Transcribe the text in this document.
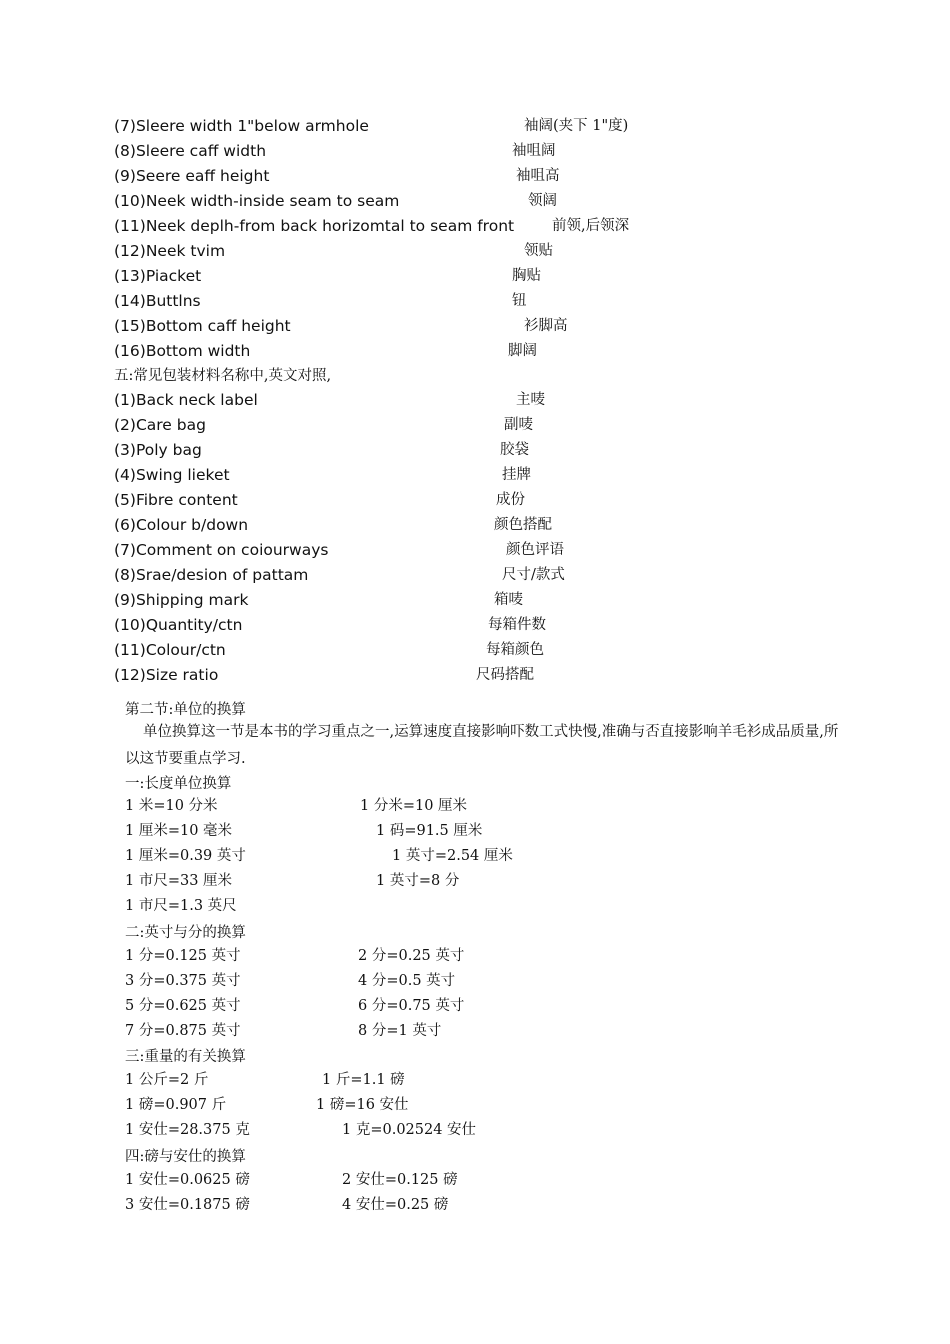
(7)Sleere width 1"below armhole	袖阔(夹下 1"度)
(8)Sleere caff width	袖咀阔
(9)Seere eaff height	袖咀高
(10)Neek width-inside seam to seam	领阔
(11)Neek deplh-from back horizomtal to seam front	前领,后领深
(12)Neek tvim	领贴
(13)Piacket	胸贴
(14)Buttlns	钮
(15)Bottom caff height	衫脚高
(16)Bottom width	脚阔
五:常见包装材料名称中,英文对照,
(1)Back neck label	主唛
(2)Care bag	副唛
(3)Poly bag	胶袋
(4)Swing lieket	挂牌
(5)Fibre content	成份
(6)Colour b/down	颜色搭配
(7)Comment on coiourways	颜色评语
(8)Srae/desion of pattam	尺寸/款式
(9)Shipping mark	箱唛
(10)Quantity/ctn	每箱件数
(11)Colour/ctn	每箱颜色
(12)Size ratio	尺码搭配
第二节:单位的换算
单位换算这一节是本书的学习重点之一,运算速度直接影响吓数工式快慢,准确与否直接影响羊毛衫成品质量,所以这节要重点学习.
一:长度单位换算
1 米=10 分米	1 分米=10 厘米
1 厘米=10 毫米	1 码=91.5 厘米
1 厘米=0.39 英寸	1 英寸=2.54 厘米
1 市尺=33 厘米	1 英寸=8 分
1 市尺=1.3 英尺
二:英寸与分的换算
1 分=0.125 英寸	2 分=0.25 英寸
3 分=0.375 英寸	4 分=0.5 英寸
5 分=0.625 英寸	6 分=0.75 英寸
7 分=0.875 英寸	8 分=1 英寸
三:重量的有关换算
1 公斤=2 斤	1 斤=1.1 磅
1 磅=0.907 斤	1 磅=16 安仕
1 安仕=28.375 克	1 克=0.02524 安仕
四:磅与安仕的换算
1 安仕=0.0625 磅	2 安仕=0.125 磅
3 安仕=0.1875 磅	4 安仕=0.25 磅
